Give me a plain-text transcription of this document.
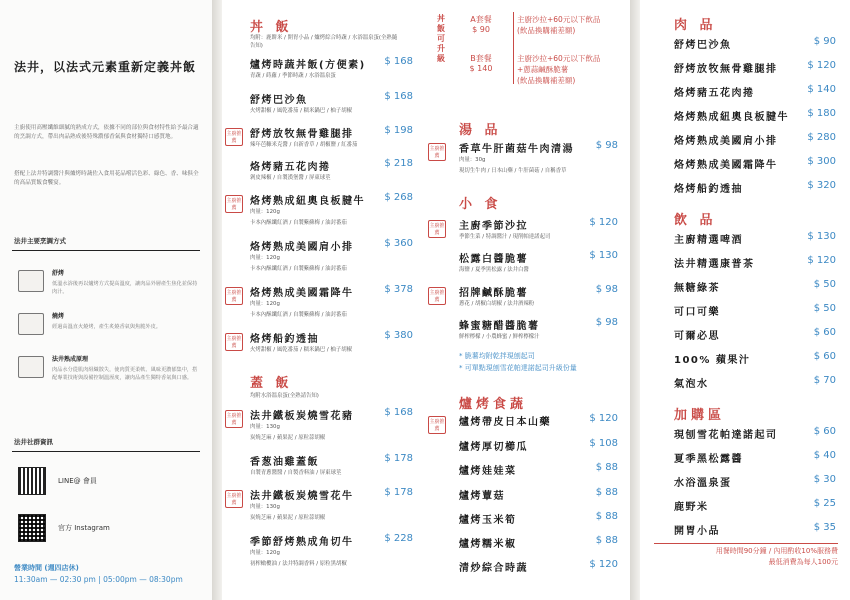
法井，以法式元素重新定義丼飯
主廚使用高壓纖維細膩的熟成方式，依據不同的部位與食材特性給予最合適的烹調方式，帶出肉品熟成後特殊濃郁香氣與食材獨特口感質地。
搭配上法井特調醬汁與爐烤時蔬佐入食用花品嚐活色彩、綠色、香、味俱全的高品質飯食饗宴。
法井主要烹調方式
舒烤
低溫水浴後再以爐烤方式提高溫度，讓肉品外層產生焦化並保持肉汁。
燒烤
經過高溫直火燒烤，產生炙燒香氣與焦脆外皮。
法井熟成原理
肉品水分從肌肉組織散失，使肉質更柔軟、風味更濃郁集中，搭配專業技術與設備控制溫溼度，讓肉品產生獨特香氣與口感。
法井社群資訊
LINE@ 會員
官方 Instagram
營業時間 (週四店休)
11:30am — 02:30 pm | 05:00pm — 08:30pm
丼 飯
均附：鹿餅米 / 開胃小品 / 爐烤綜合時蔬 / 水浴溫泉蛋(全熟隨告知)
爐烤時蔬丼飯(方便素) $ 168
青蔬 / 蒔蘿 / 季節時蔬 / 水浴溫泉蛋
舒烤巴沙魚	$ 168
火烤甜椒 / 風乾番茄 / 糯米鍋巴 / 柚子胡椒
主廚推薦
舒烤放牧無骨雞腿排	$ 198
辣年芭糠米克醬 / 自新香草 / 胡椒鹽 / 紅番茄
烙烤豬五花肉捲	$ 218
剝皮辣椒 / 自製漢堡醬 / 屏東球莖
主廚推薦
烙烤熟成紐奧良板腱牛 $ 268
肉量：120g
卡本內酥纖紅酒 / 自製紫蘇梅 / 油封番茄
烙烤熟成美國肩小排	$ 360
肉量：120g
卡本內酥纖紅酒 / 自製紫蘇梅 / 油封番茄
主廚推薦
烙烤熟成美國霜降牛	$ 378
肉量：120g
卡本內酥纖紅酒 / 自製紫蘇梅 / 油封番茄
主廚推薦
烙烤船釣透抽	$ 380
火烤甜椒 / 風乾番茄 / 糯米鍋巴 / 柚子胡椒
蓋 飯
均附水浴溫泉蛋(全熟請告知)
主廚推薦
法井鐵板炭燒雪花豬	$ 168
肉量：130g
炭燒芝麻 / 蘋果泥 / 原粒蒜胡椒
香葱油雞蓋飯	$ 178
自製青蔥醬醬 / 自製香料油 / 屏東球莖
主廚推薦
法井鐵板炭燒雪花牛	$ 178
肉量：130g
炭燒芝麻 / 蘋果泥 / 原粒蒜胡椒
季節舒烤熟成角切牛	$ 228
肉量：120g
初榨橄欖油 / 法井特調香料 / 原粒黑胡椒
丼飯可升級
A套餐
$ 90
主廚沙拉+60元以下飲品
(飲品換購補差額)
B套餐
$ 140
主廚沙拉+60元以下飲品
+蔥蒜鹹酥脆薯
(飲品換購補差額)
湯 品
主廚推薦
香草牛肝菌菇牛肉清湯 $ 98
肉量：30g
現切生牛肉 / 日本山藥 / 牛肝菌菇 / 自稱香草
小 食
主廚推薦
主廚季節沙拉	$ 120
季節生菜 / 特調醬汁 / 現削帕達諾起司
松露白醬脆薯	$ 130
海鹽 / 夏季黑松露 / 法井白醬
主廚推薦
招牌鹹酥脆薯	$ 98
蔥花 / 胡椒白胡椒 / 法井酒辣粉
蜂蜜糖醋醬脆薯	$ 98
鮮榨檸檬 / 小農蜂蜜 / 鮮榨檸檬汁
* 脆薯均附乾拌現刨起司
* 可單點現刨雪花帕達諾起司升級份量
爐烤食蔬
主廚推薦
爐烤帶皮日本山藥	$ 120
爐烤厚切櫛瓜	$ 108
爐烤娃娃菜	$ 88
爐烤蕈菇	$ 88
爐烤玉米筍	$ 88
爐烤糯米椒	$ 88
清炒綜合時蔬	$ 120
肉 品
舒烤巴沙魚	$ 90
舒烤放牧無骨雞腿排	$ 120
烙烤豬五花肉捲	$ 140
烙烤熟成紐奧良板腱牛 $ 180
烙烤熟成美國肩小排	$ 280
烙烤熟成美國霜降牛	$ 300
烙烤船釣透抽	$ 320
飲 品
主廚精選啤酒	$ 130
法井精選康普茶	$ 120
無糖綠茶	$ 50
可口可樂	$ 50
可爾必思	$ 60
100% 蘋果汁	$ 60
氣泡水	$ 70
加購區
現刨雪花帕達諾起司	$ 60
夏季黑松露醬	$ 40
水浴溫泉蛋	$ 30
鹿野米	$ 25
開胃小品	$ 35
用餐時間90分鐘 / 內用酌收10%服務費
最低消費為每人100元
